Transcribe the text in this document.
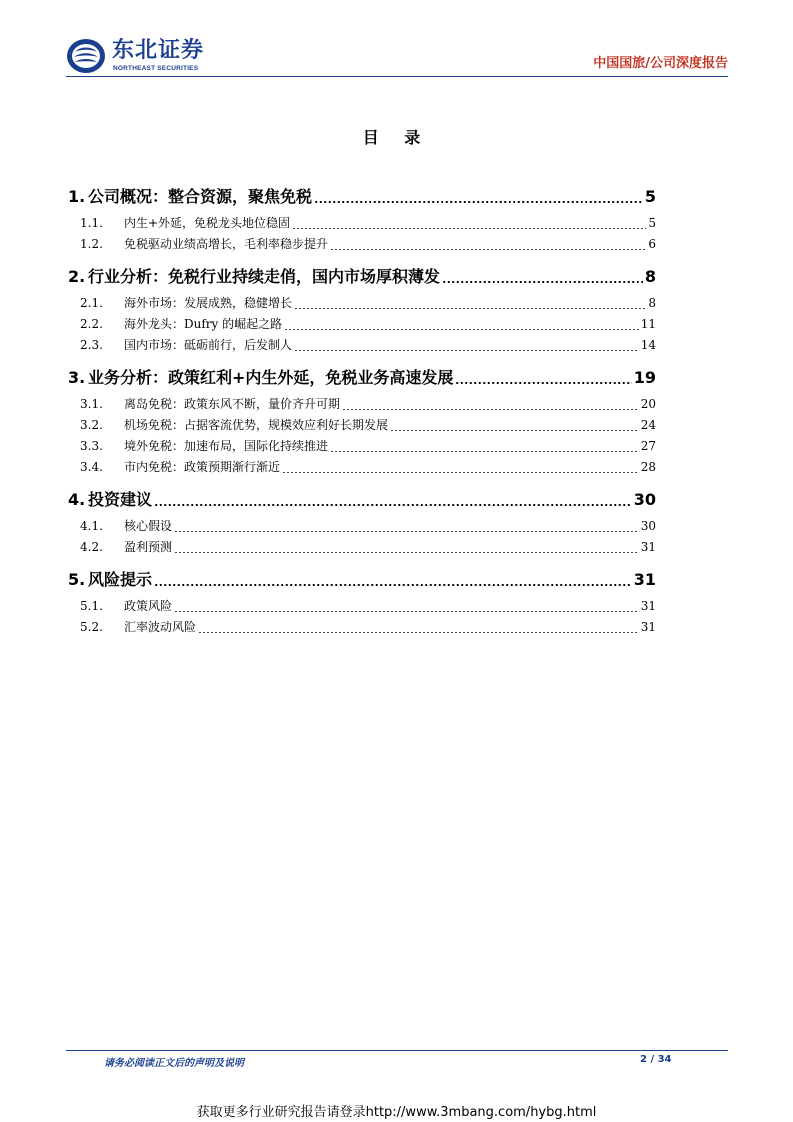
东北证券
NORTHEAST SECURITIES	中国国旅/公司深度报告
目 录
1. 公司概况：整合资源，聚焦免税	5
1.1.	内生+外延，免税龙头地位稳固	5
1.2.	免税驱动业绩高增长，毛利率稳步提升	6
2. 行业分析：免税行业持续走俏，国内市场厚积薄发	8
2.1.	海外市场：发展成熟，稳健增长	8
2.2.	海外龙头：Dufry 的崛起之路	11
2.3.	国内市场：砥砺前行，后发制人	14
3. 业务分析：政策红利+内生外延，免税业务高速发展	19
3.1.	离岛免税：政策东风不断，量价齐升可期	20
3.2.	机场免税：占据客流优势，规模效应利好长期发展	24
3.3.	境外免税：加速布局，国际化持续推进	27
3.4.	市内免税：政策预期渐行渐近	28
4. 投资建议	30
4.1.	核心假设	30
4.2.	盈利预测	31
5. 风险提示	31
5.1.	政策风险	31
5.2.	汇率波动风险	31
请务必阅读正文后的声明及说明	2 / 34
获取更多行业研究报告请登录http://www.3mbang.com/hybg.html
